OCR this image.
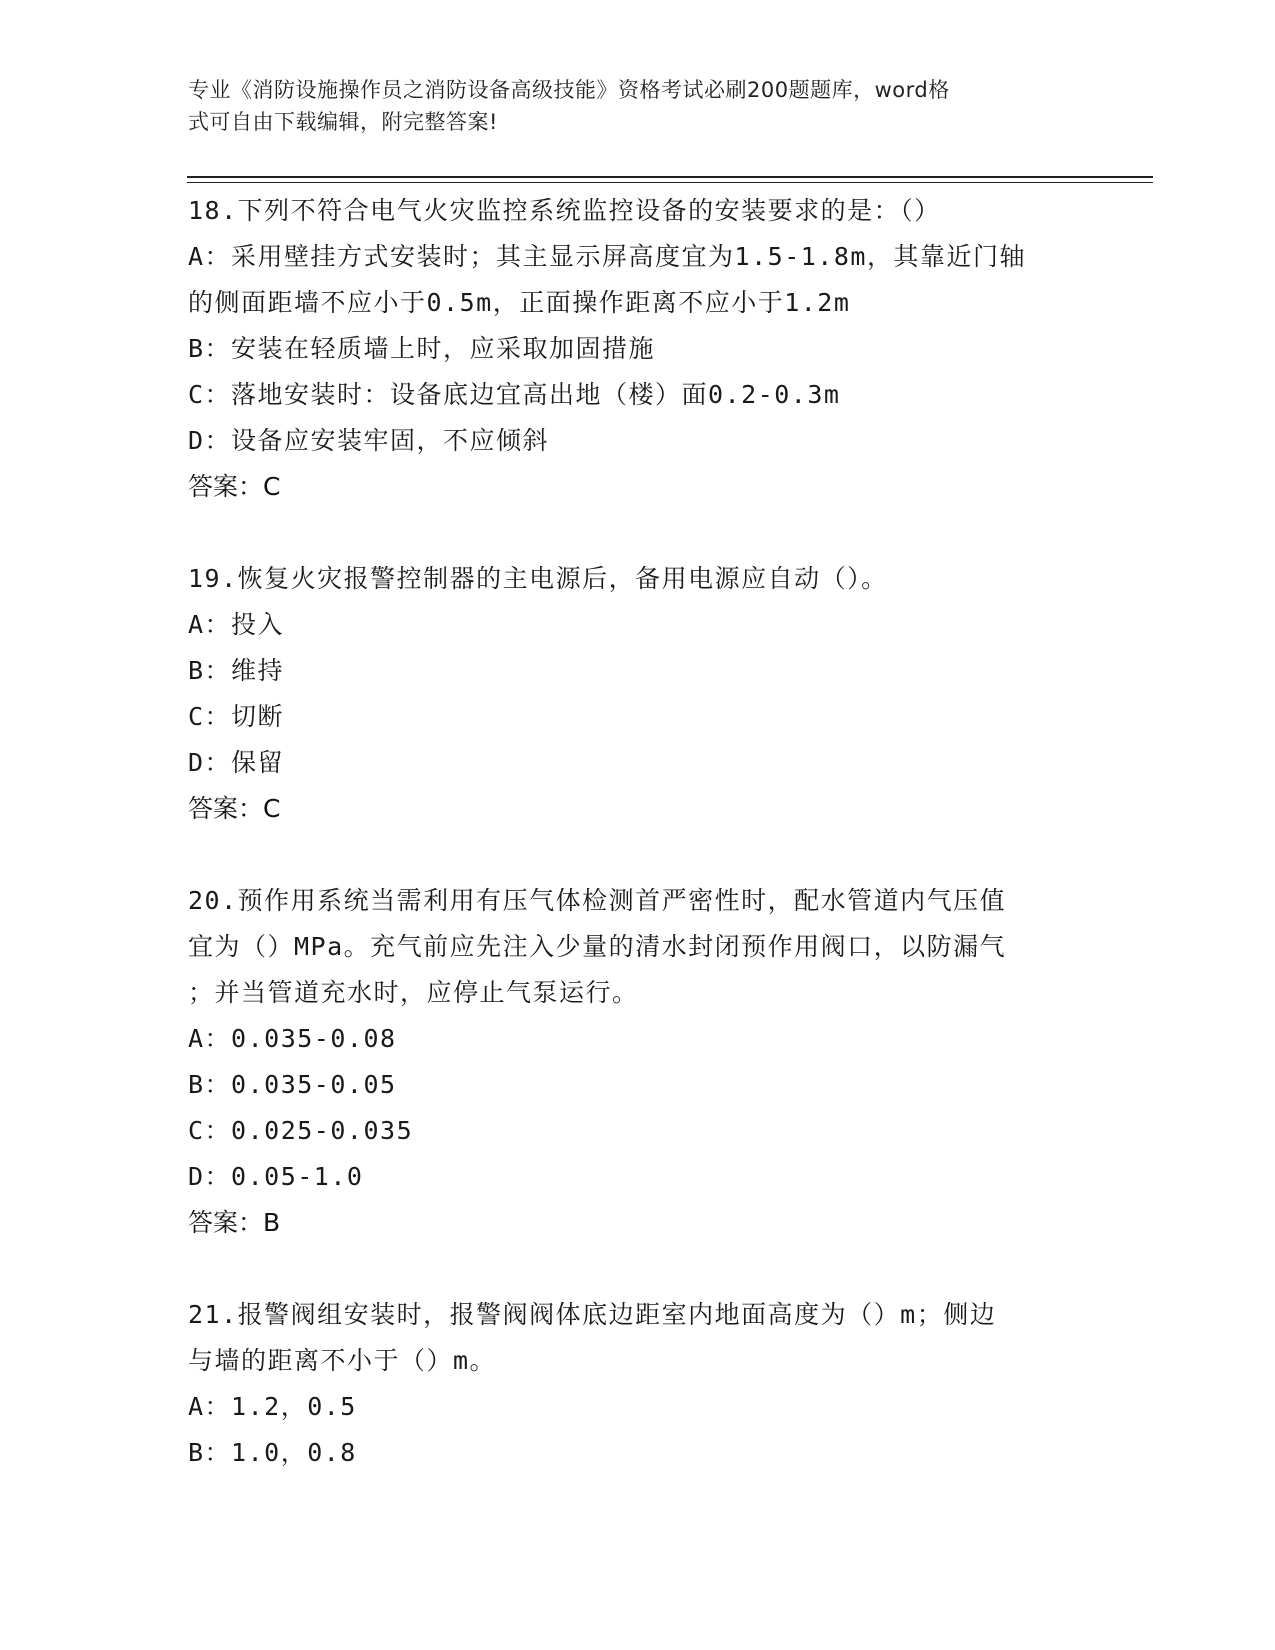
专业《消防设施操作员之消防设备高级技能》资格考试必刷200题题库，word格
式可自由下载编辑，附完整答案!
18.下列不符合电气火灾监控系统监控设备的安装要求的是：（）
A：采用壁挂方式安装时；其主显示屏高度宜为1.5-1.8m，其靠近门轴
的侧面距墙不应小于0.5m，正面操作距离不应小于1.2m
B：安装在轻质墙上时，应采取加固措施
C：落地安装时：设备底边宜高出地（楼）面0.2-0.3m
D：设备应安装牢固，不应倾斜
答案：C
19.恢复火灾报警控制器的主电源后，备用电源应自动（）。
A：投入
B：维持
C：切断
D：保留
答案：C
20.预作用系统当需利用有压气体检测首严密性时，配水管道内气压值
宜为（）MPa。充气前应先注入少量的清水封闭预作用阀口，以防漏气
；并当管道充水时，应停止气泵运行。
A：0.035-0.08
B：0.035-0.05
C：0.025-0.035
D：0.05-1.0
答案：B
21.报警阀组安装时，报警阀阀体底边距室内地面高度为（）m；侧边
与墙的距离不小于（）m。
A：1.2，0.5
B：1.0，0.8
